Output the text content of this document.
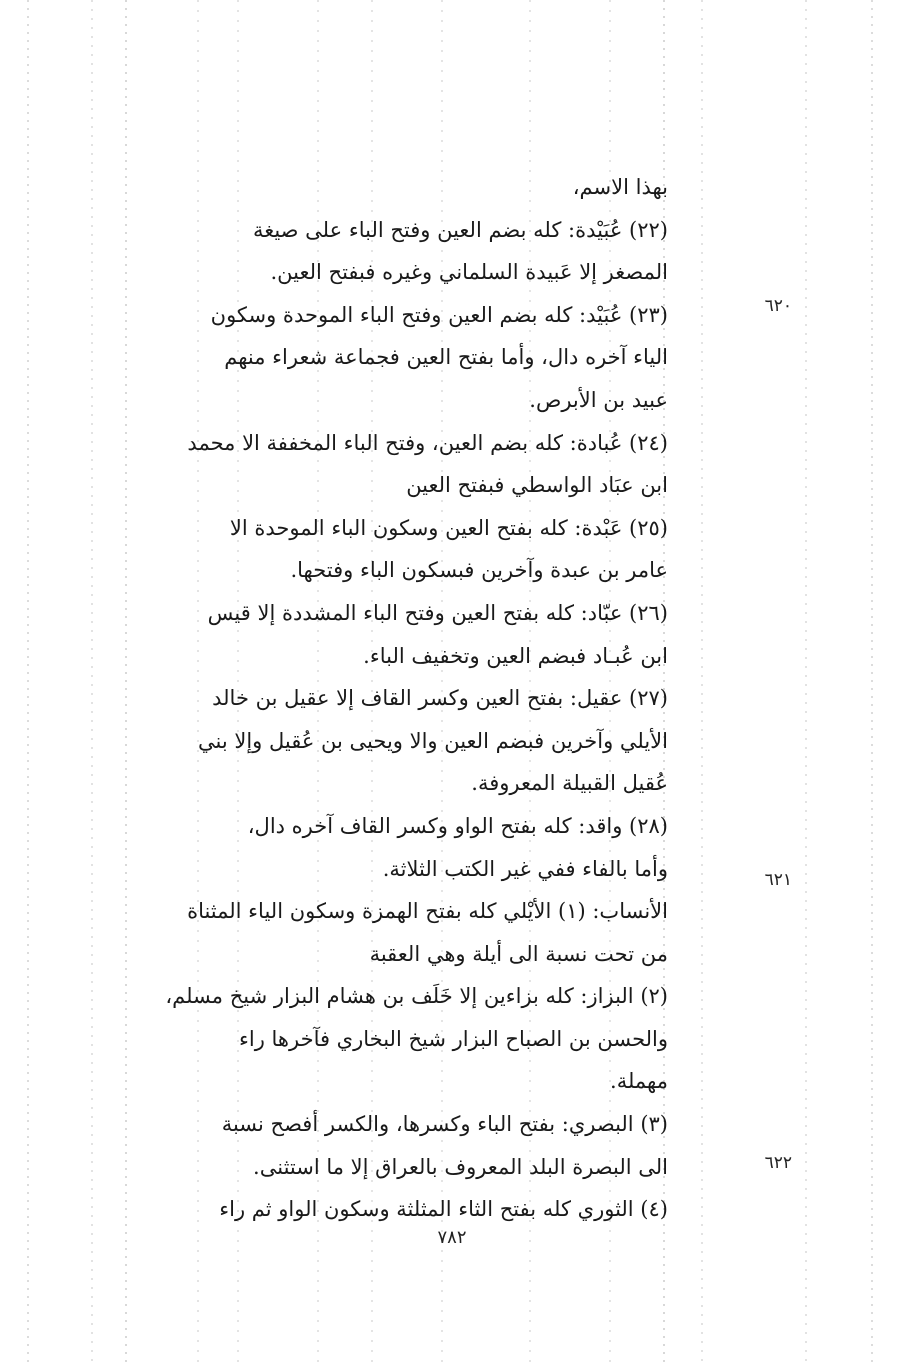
بهذا الاسم،
(٢٢) عُبَيْدة: كله بضم العين وفتح الباء على صيغة
المصغر إلا عَبيدة السلماني وغيره فبفتح العين.
(٢٣) عُبَيْد: كله بضم العين وفتح الباء الموحدة وسكون
الياء آخره دال، وأما بفتح العين فجماعة شعراء منهم
عبيد بن الأبرص.
(٢٤) عُبادة: كله بضم العين، وفتح الباء المخففة الا محمد
ابن عبَاد الواسطي فبفتح العين
(٢٥) عَبْدة: كله بفتح العين وسكون الباء الموحدة الا
عامر بن عبدة وآخرين فبسكون الباء وفتحها.
(٢٦) عبّاد: كله بفتح العين وفتح الباء المشددة إلا قيس
ابن عُبـاد فبضم العين وتخفيف الباء.
(٢٧) عقيل: بفتح العين وكسر القاف إلا عقيل بن خالد
الأيلي وآخرين فبضم العين والا ويحيى بن عُقيل وإلا بني
عُقيل القبيلة المعروفة.
(٢٨) واقد: كله بفتح الواو وكسر القاف آخره دال،
وأما بالفاء ففي غير الكتب الثلاثة.
الأنساب: (١) الأيْلي كله بفتح الهمزة وسكون الياء المثناة
من تحت نسبة الى أيلة وهي العقبة
(٢) البزاز: كله بزاءين إلا خَلَف بن هشام البزار شيخ مسلم،
والحسن بن الصباح البزار شيخ البخاري فآخرها راء
مهملة.
(٣) البصري: بفتح الباء وكسرها، والكسر أفصح نسبة
الى البصرة البلد المعروف بالعراق إلا ما استثنى.
(٤) الثوري كله بفتح الثاء المثلثة وسكون الواو ثم راء
٦٢٠
٦٢١
٦٢٢
٧٨٢
